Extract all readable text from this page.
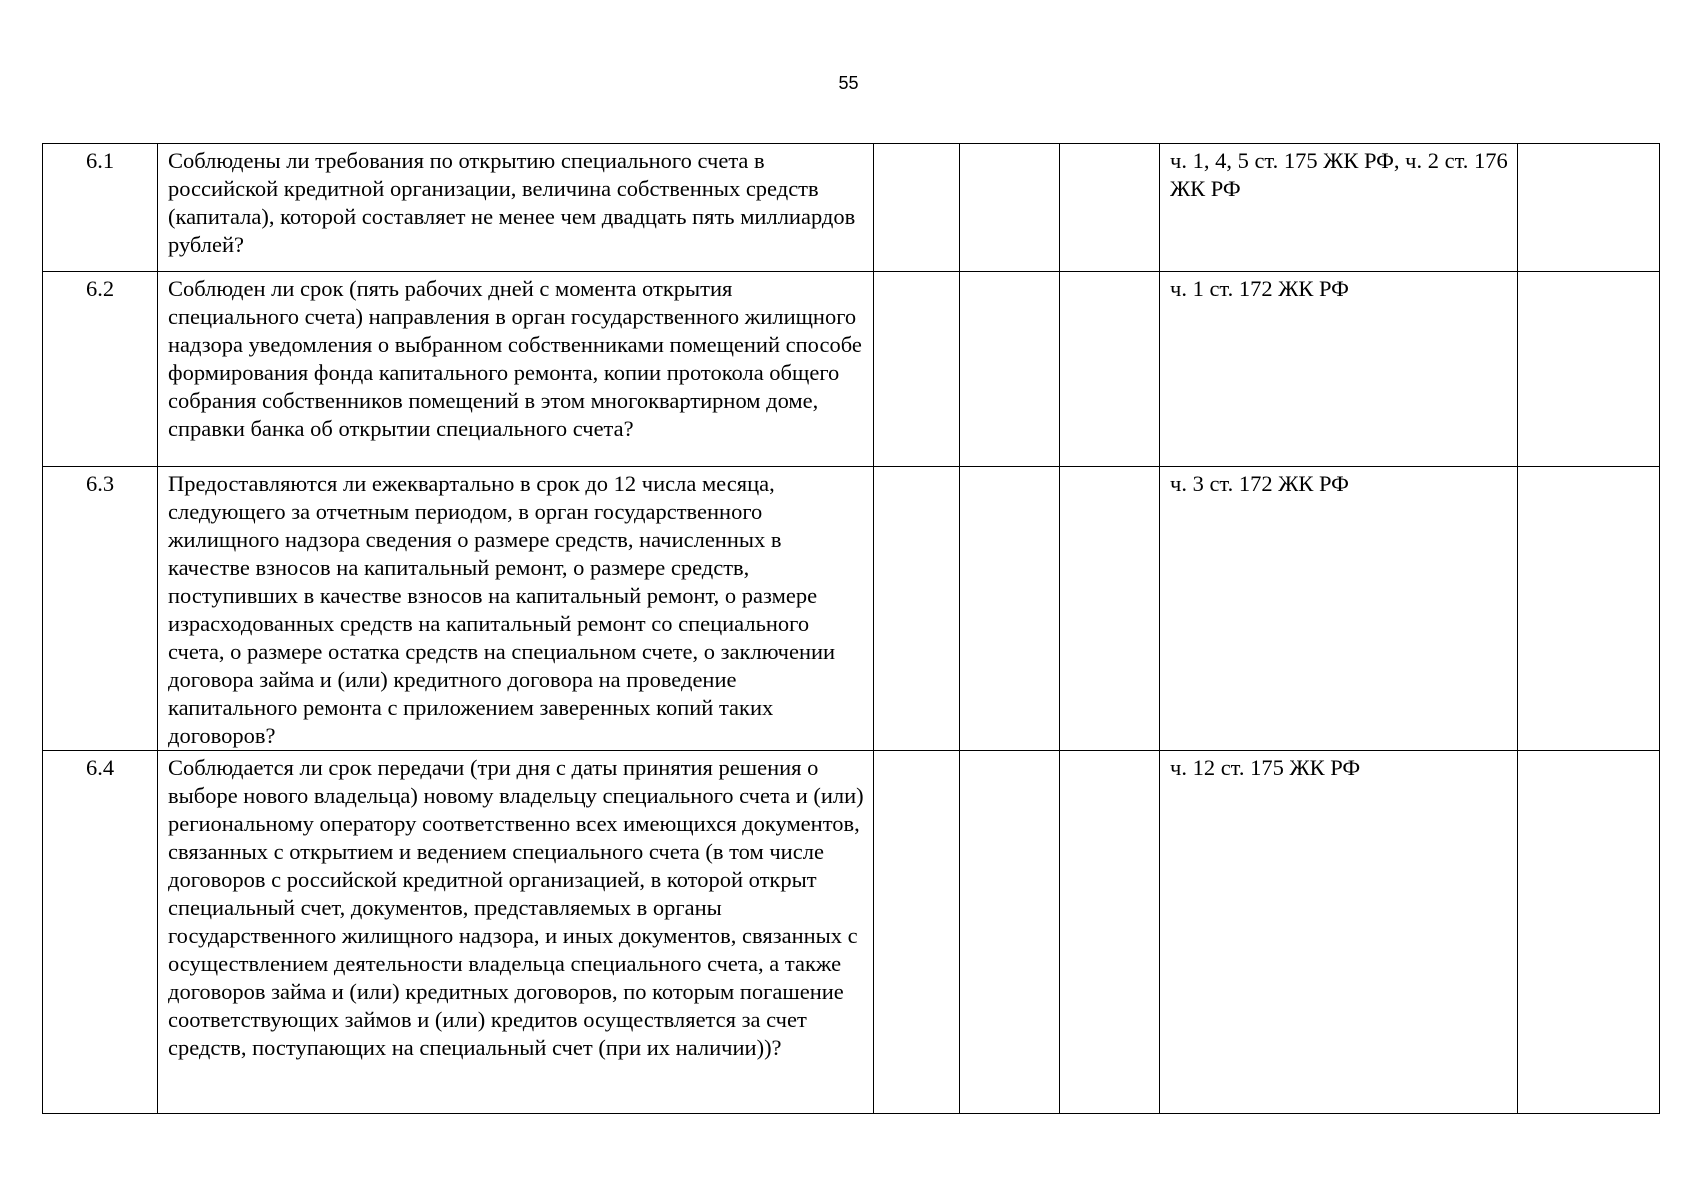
55
6.1	Соблюдены ли требования по открытию специального счета в российской кредитной организации, величина собственных средств (капитала), которой составляет не менее чем двадцать пять миллиардов рублей?				ч. 1, 4, 5 ст. 175 ЖК РФ, ч. 2 ст. 176 ЖК РФ	

6.2	Соблюден ли срок (пять рабочих дней с момента открытия специального счета) направления в орган государственного жилищного надзора уведомления о выбранном собственниками помещений способе формирования фонда капитального ремонта, копии протокола общего собрания собственников помещений в этом многоквартирном доме, справки банка об открытии специального счета?				ч. 1 ст. 172 ЖК РФ	

6.3	Предоставляются ли ежеквартально в срок до 12 числа месяца, следующего за отчетным периодом, в орган государственного жилищного надзора сведения о размере средств, начисленных в качестве взносов на капитальный ремонт, о размере средств, поступивших в качестве взносов на капитальный ремонт, о размере израсходованных средств на капитальный ремонт со специального счета, о размере остатка средств на специальном счете, о заключении договора займа и (или) кредитного договора на проведение капитального ремонта с приложением заверенных копий таких договоров?				ч. 3 ст. 172 ЖК РФ	

6.4	Соблюдается ли срок передачи (три дня с даты принятия решения о выборе нового владельца) новому владельцу специального счета и (или) региональному оператору соответственно всех имеющихся документов, связанных с открытием и ведением специального счета (в том числе договоров с российской кредитной организацией, в которой открыт специальный счет, документов, представляемых в органы государственного жилищного надзора, и иных документов, связанных с осуществлением деятельности владельца специального счета, а также договоров займа и (или) кредитных договоров, по которым погашение соответствующих займов и (или) кредитов осуществляется за счет средств, поступающих на специальный счет (при их наличии))?				ч. 12 ст. 175 ЖК РФ	
